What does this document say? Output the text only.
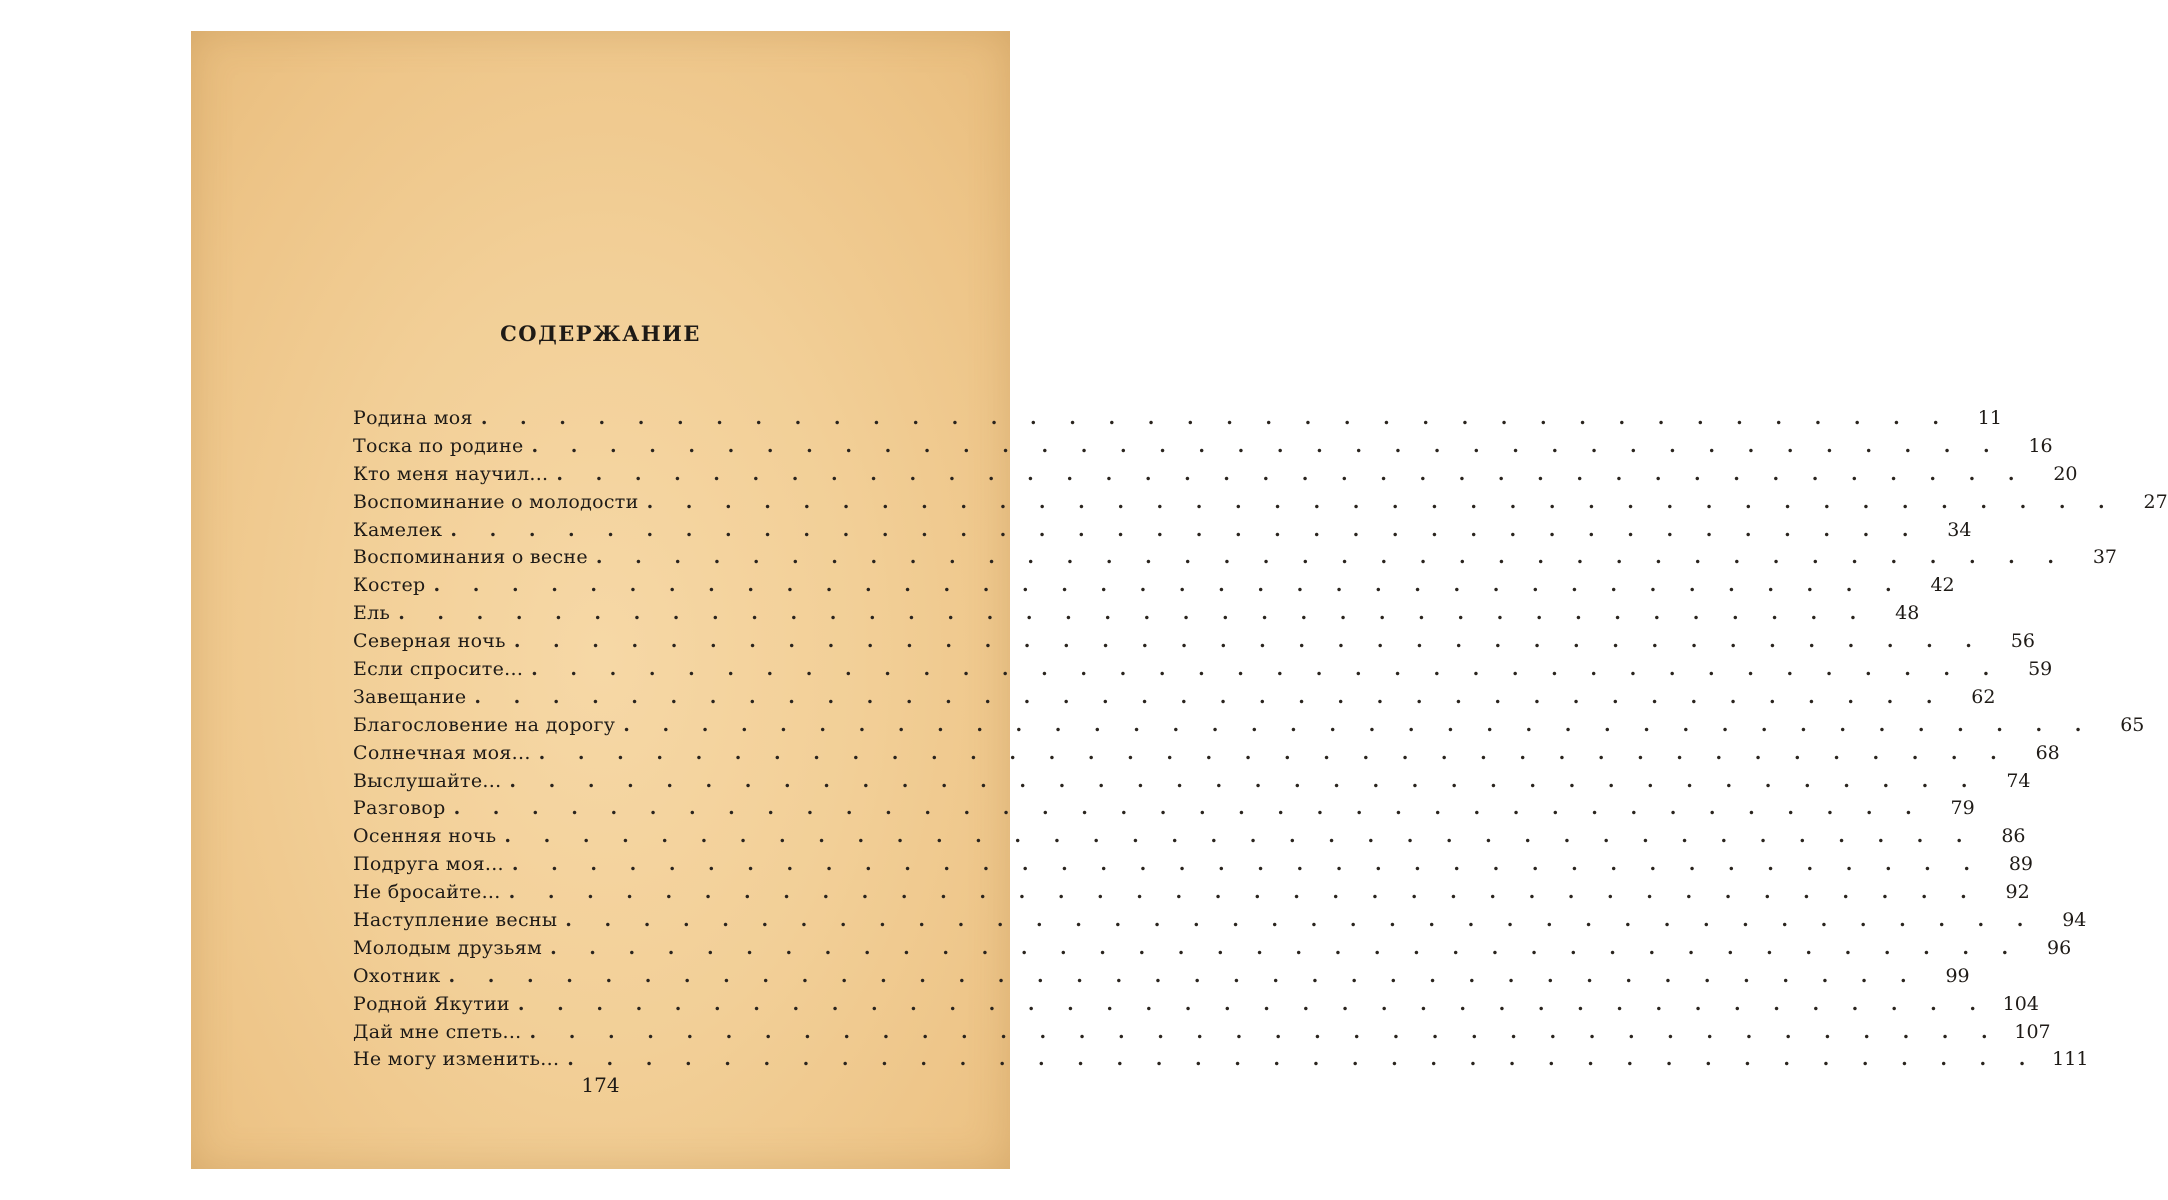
СОДЕРЖАНИЕ
Родина моя . . . . . . . . . . . . . . . . . . . . . . . . . . . . . . . . . . . . . .	11
Тоска по родине . . . . . . . . . . . . . . . . . . . . . . . . . . . . . . . . . . . . . .	16
Кто меня научил... . . . . . . . . . . . . . . . . . . . . . . . . . . . . . . . . . . . . . .	20
Воспоминание о молодости . . . . . . . . . . . . . . . . . . . . . . . . . . . . . . . . . . . . . .	27
Камелек . . . . . . . . . . . . . . . . . . . . . . . . . . . . . . . . . . . . . .	34
Воспоминания о весне . . . . . . . . . . . . . . . . . . . . . . . . . . . . . . . . . . . . . .	37
Костер . . . . . . . . . . . . . . . . . . . . . . . . . . . . . . . . . . . . . .	42
Ель . . . . . . . . . . . . . . . . . . . . . . . . . . . . . . . . . . . . . .	48
Северная ночь . . . . . . . . . . . . . . . . . . . . . . . . . . . . . . . . . . . . . .	56
Если спросите... . . . . . . . . . . . . . . . . . . . . . . . . . . . . . . . . . . . . . .	59
Завещание . . . . . . . . . . . . . . . . . . . . . . . . . . . . . . . . . . . . . .	62
Благословение на дорогу . . . . . . . . . . . . . . . . . . . . . . . . . . . . . . . . . . . . . .	65
Солнечная моя... . . . . . . . . . . . . . . . . . . . . . . . . . . . . . . . . . . . . . .	68
Выслушайте... . . . . . . . . . . . . . . . . . . . . . . . . . . . . . . . . . . . . . .	74
Разговор . . . . . . . . . . . . . . . . . . . . . . . . . . . . . . . . . . . . . .	79
Осенняя ночь . . . . . . . . . . . . . . . . . . . . . . . . . . . . . . . . . . . . . .	86
Подруга моя... . . . . . . . . . . . . . . . . . . . . . . . . . . . . . . . . . . . . . .	89
Не бросайте... . . . . . . . . . . . . . . . . . . . . . . . . . . . . . . . . . . . . . .	92
Наступление весны . . . . . . . . . . . . . . . . . . . . . . . . . . . . . . . . . . . . . .	94
Молодым друзьям . . . . . . . . . . . . . . . . . . . . . . . . . . . . . . . . . . . . . .	96
Охотник . . . . . . . . . . . . . . . . . . . . . . . . . . . . . . . . . . . . . .	99
Родной Якутии . . . . . . . . . . . . . . . . . . . . . . . . . . . . . . . . . . . . . . 104
Дай мне спеть... . . . . . . . . . . . . . . . . . . . . . . . . . . . . . . . . . . . . . . 107
Не могу изменить... . . . . . . . . . . . . . . . . . . . . . . . . . . . . . . . . . . . . . . 111
174
